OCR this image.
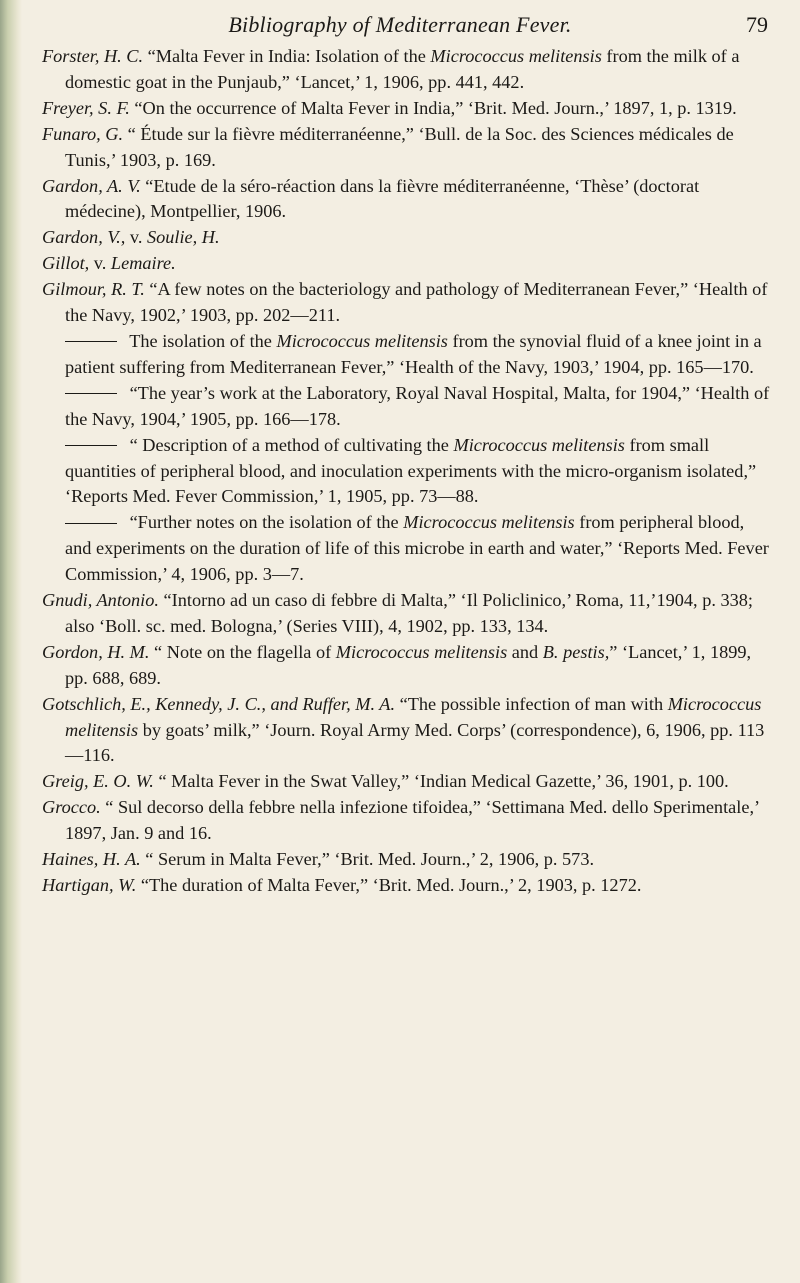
Bibliography of Mediterranean Fever.	79

Forster, H. C. “Malta Fever in India: Isolation of the Micrococcus melitensis from the milk of a domestic goat in the Punjaub,” ‘Lancet,’ 1, 1906, pp. 441, 442.

Freyer, S. F. “On the occurrence of Malta Fever in India,” ‘Brit. Med. Journ.,’ 1897, 1, p. 1319.

Funaro, G. “ Étude sur la fièvre méditerranéenne,” ‘Bull. de la Soc. des Sciences médicales de Tunis,’ 1903, p. 169.

Gardon, A. V. “Etude de la séro-réaction dans la fièvre méditerranéenne, ‘Thèse’ (doctorat médecine), Montpellier, 1906.

Gardon, V., v. Soulie, H.

Gillot, v. Lemaire.

Gilmour, R. T. “A few notes on the bacteriology and pathology of Mediterranean Fever,” ‘Health of the Navy, 1902,’ 1903, pp. 202—211.

The isolation of the Micrococcus melitensis from the synovial fluid of a knee joint in a patient suffering from Mediterranean Fever,” ‘Health of the Navy, 1903,’ 1904, pp. 165—170.

“The year’s work at the Laboratory, Royal Naval Hospital, Malta, for 1904,” ‘Health of the Navy, 1904,’ 1905, pp. 166—178.

“ Description of a method of cultivating the Micrococcus melitensis from small quantities of peripheral blood, and inoculation experiments with the micro-organism isolated,” ‘Reports Med. Fever Commission,’ 1, 1905, pp. 73—88.

“Further notes on the isolation of the Micrococcus melitensis from peripheral blood, and experiments on the duration of life of this microbe in earth and water,” ‘Reports Med. Fever Commission,’ 4, 1906, pp. 3—7.

Gnudi, Antonio. “Intorno ad un caso di febbre di Malta,” ‘Il Policlinico,’ Roma, 11,’1904, p. 338; also ‘Boll. sc. med. Bologna,’ (Series VIII), 4, 1902, pp. 133, 134.

Gordon, H. M. “ Note on the flagella of Micrococcus melitensis and B. pestis,” ‘Lancet,’ 1, 1899, pp. 688, 689.

Gotschlich, E., Kennedy, J. C., and Ruffer, M. A. “The possible infection of man with Micrococcus melitensis by goats’ milk,” ‘Journ. Royal Army Med. Corps’ (correspondence), 6, 1906, pp. 113—116.

Greig, E. O. W. “ Malta Fever in the Swat Valley,” ‘Indian Medical Gazette,’ 36, 1901, p. 100.

Grocco. “ Sul decorso della febbre nella infezione tifoidea,” ‘Settimana Med. dello Sperimentale,’ 1897, Jan. 9 and 16.

Haines, H. A. “ Serum in Malta Fever,” ‘Brit. Med. Journ.,’ 2, 1906, p. 573.

Hartigan, W. “The duration of Malta Fever,” ‘Brit. Med. Journ.,’ 2, 1903, p. 1272.
